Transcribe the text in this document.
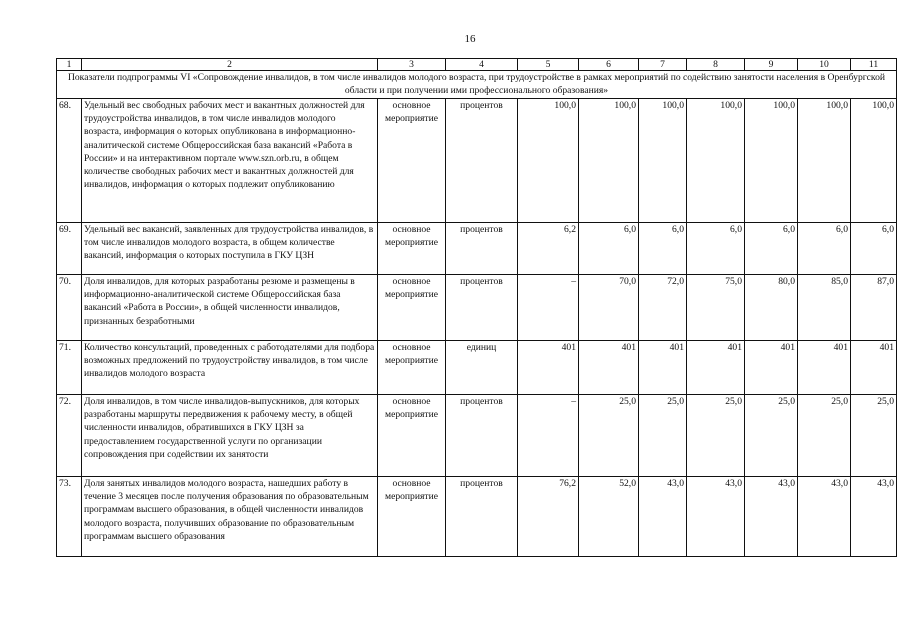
16
1	2	3	4	5	6	7	8	9	10	11
Показатели подпрограммы VI «Сопровождение инвалидов, в том числе инвалидов молодого возраста, при трудоустройстве в рамках мероприятий по содействию занятости населения в Оренбургской области и при получении ими профессионального образования»										
68.	Удельный вес свободных рабочих мест и вакантных должностей для трудоустройства инвалидов, в том числе инвалидов молодого возраста, информация о которых опубликована в информационно-аналитической системе Общероссийская база вакансий «Работа в России» и на интерактивном портале www.szn.orb.ru, в общем количестве свободных рабочих мест и вакантных должностей для инвалидов, информация о которых подлежит опубликованию	основное мероприятие	процентов	100,0	100,0	100,0	100,0	100,0	100,0	100,0
69.	Удельный вес вакансий, заявленных для трудоустройства инвалидов, в том числе инвалидов молодого возраста, в общем количестве вакансий, информация о которых поступила в ГКУ ЦЗН	основное мероприятие	процентов	6,2	6,0	6,0	6,0	6,0	6,0	6,0
70.	Доля инвалидов, для которых разработаны резюме и размещены в информационно-аналитической системе Общероссийская база вакансий «Работа в России», в общей численности инвалидов, признанных безработными	основное мероприятие	процентов	–	70,0	72,0	75,0	80,0	85,0	87,0
71.	Количество консультаций, проведенных с работодателями для подбора возможных предложений по трудоустройству инвалидов, в том числе инвалидов молодого возраста	основное мероприятие	единиц	401	401	401	401	401	401	401
72.	Доля инвалидов, в том числе инвалидов-выпускников, для которых разработаны маршруты передвижения к рабочему месту, в общей численности инвалидов, обратившихся в ГКУ ЦЗН за предоставлением государственной услуги по организации сопровождения при содействии их занятости	основное мероприятие	процентов	–	25,0	25,0	25,0	25,0	25,0	25,0
73.	Доля занятых инвалидов молодого возраста, нашедших работу в течение 3 месяцев после получения образования по образовательным программам высшего образования, в общей численности инвалидов молодого возраста, получивших образование по образовательным программам высшего образования	основное мероприятие	процентов	76,2	52,0	43,0	43,0	43,0	43,0	43,0
